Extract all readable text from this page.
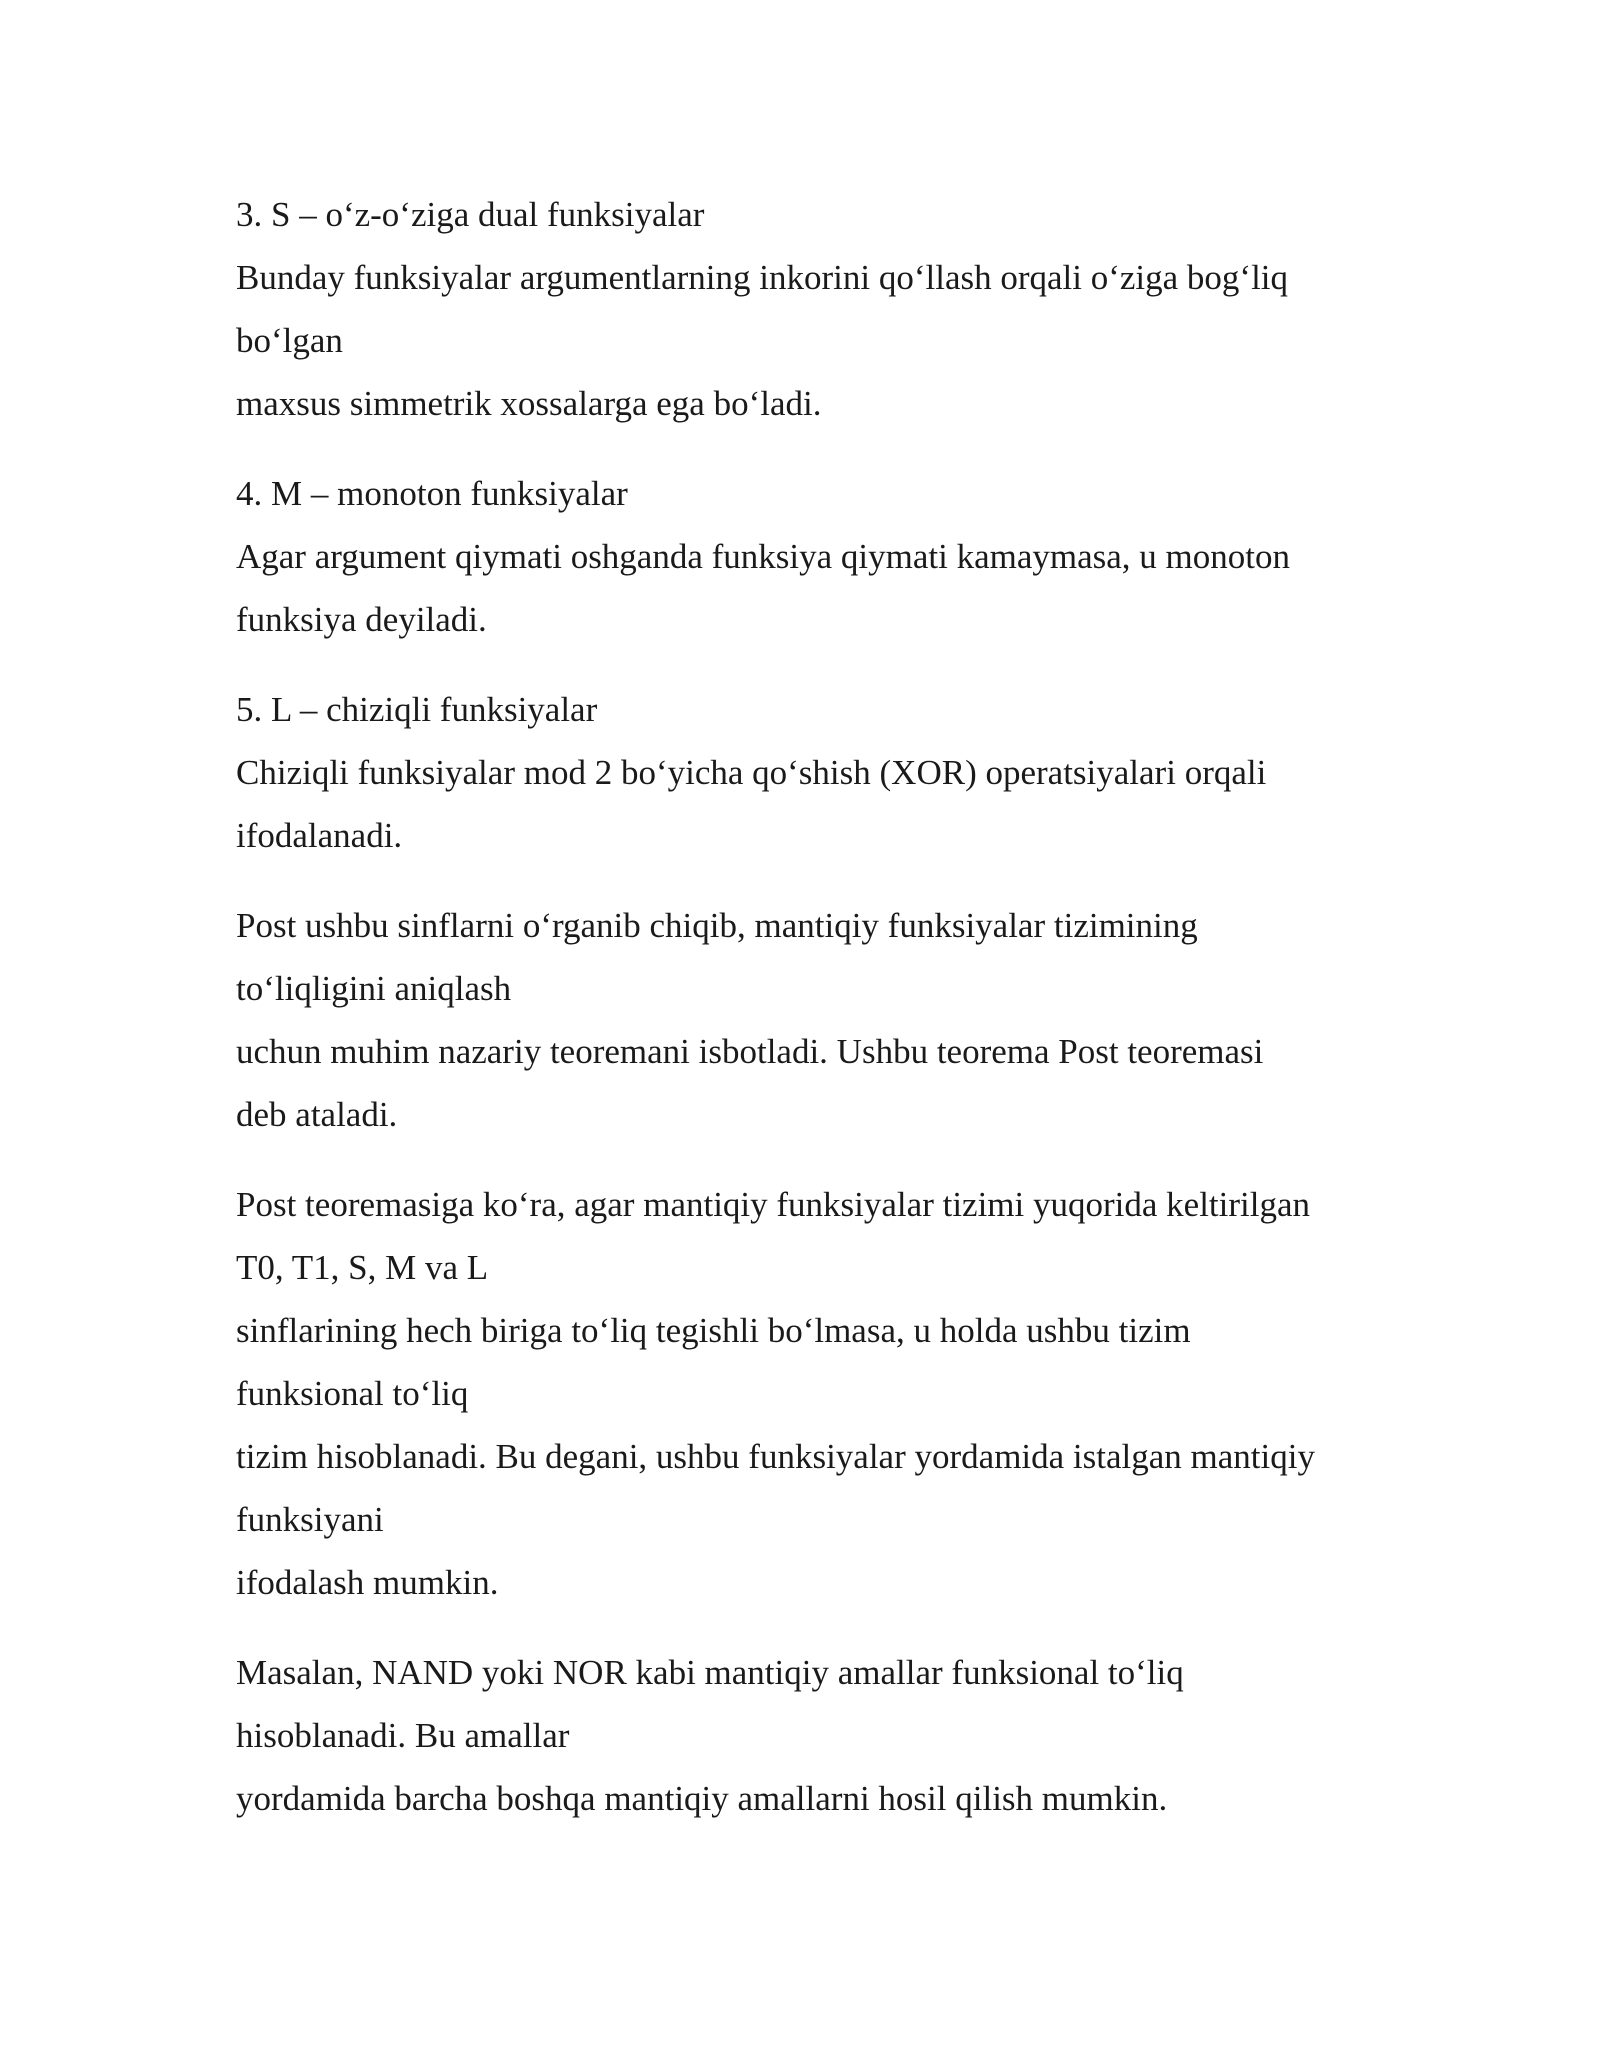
3. S – o‘z-o‘ziga dual funksiyalar
Bunday funksiyalar argumentlarning inkorini qo‘llash orqali o‘ziga bog‘liq
bo‘lgan
maxsus simmetrik xossalarga ega bo‘ladi.
4. M – monoton funksiyalar
Agar argument qiymati oshganda funksiya qiymati kamaymasa, u monoton
funksiya deyiladi.
5. L – chiziqli funksiyalar
Chiziqli funksiyalar mod 2 bo‘yicha qo‘shish (XOR) operatsiyalari orqali
ifodalanadi.
Post ushbu sinflarni o‘rganib chiqib, mantiqiy funksiyalar tizimining
to‘liqligini aniqlash
uchun muhim nazariy teoremani isbotladi. Ushbu teorema Post teoremasi
deb ataladi.
Post teoremasiga ko‘ra, agar mantiqiy funksiyalar tizimi yuqorida keltirilgan
T0, T1, S, M va L
sinflarining hech biriga to‘liq tegishli bo‘lmasa, u holda ushbu tizim
funksional to‘liq
tizim hisoblanadi. Bu degani, ushbu funksiyalar yordamida istalgan mantiqiy
funksiyani
ifodalash mumkin.
Masalan, NAND yoki NOR kabi mantiqiy amallar funksional to‘liq
hisoblanadi. Bu amallar
yordamida barcha boshqa mantiqiy amallarni hosil qilish mumkin.
